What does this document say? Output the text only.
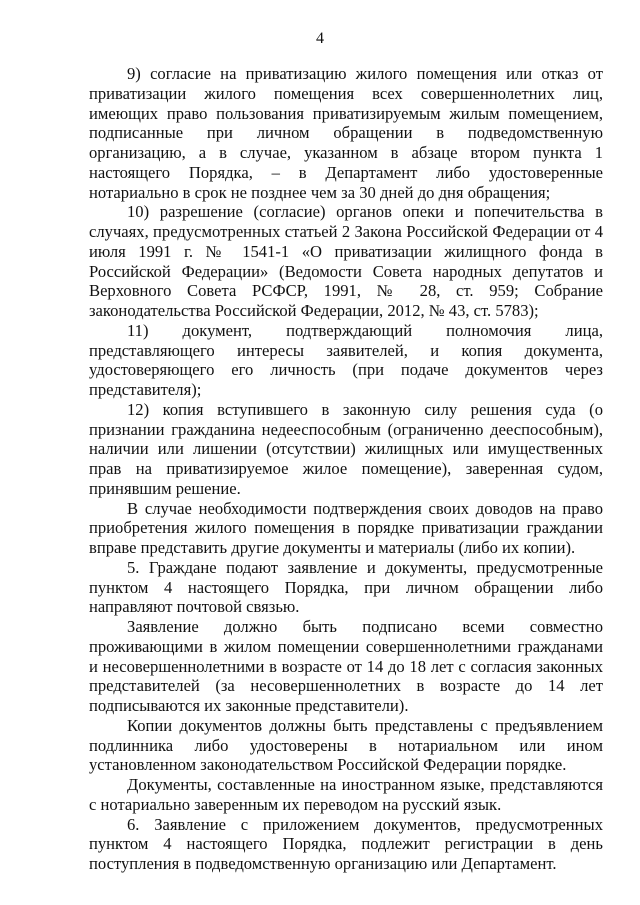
4

9) согласие на приватизацию жилого помещения или отказ от приватизации жилого помещения всех совершеннолетних лиц, имеющих право пользования приватизируемым жилым помещением, подписанные при личном обращении в подведомственную организацию, а в случае, указанном в абзаце втором пункта 1 настоящего Порядка, – в Департамент либо удостоверенные нотариально в срок не позднее чем за 30 дней до дня обращения;

10) разрешение (согласие) органов опеки и попечительства в случаях, предусмотренных статьей 2 Закона Российской Федерации от 4 июля 1991 г. № 1541-1 «О приватизации жилищного фонда в Российской Федерации» (Ведомости Совета народных депутатов и Верховного Совета РСФСР, 1991, № 28, ст. 959; Собрание законодательства Российской Федерации, 2012, № 43, ст. 5783);

11) документ, подтверждающий полномочия лица, представляющего интересы заявителей, и копия документа, удостоверяющего его личность (при подаче документов через представителя);

12) копия вступившего в законную силу решения суда (о признании гражданина недееспособным (ограниченно дееспособным), наличии или лишении (отсутствии) жилищных или имущественных прав на приватизируемое жилое помещение), заверенная судом, принявшим решение.

В случае необходимости подтверждения своих доводов на право приобретения жилого помещения в порядке приватизации граждании вправе представить другие документы и материалы (либо их копии).

5. Граждане подают заявление и документы, предусмотренные пунктом 4 настоящего Порядка, при личном обращении либо направляют почтовой связью.

Заявление должно быть подписано всеми совместно проживающими в жилом помещении совершеннолетними гражданами и несовершеннолетними в возрасте от 14 до 18 лет с согласия законных представителей (за несовершеннолетних в возрасте до 14 лет подписываются их законные представители).

Копии документов должны быть представлены с предъявлением подлинника либо удостоверены в нотариальном или ином установленном законодательством Российской Федерации порядке.

Документы, составленные на иностранном языке, представляются с нотариально заверенным их переводом на русский язык.

6. Заявление с приложением документов, предусмотренных пунктом 4 настоящего Порядка, подлежит регистрации в день поступления в подведомственную организацию или Департамент.
